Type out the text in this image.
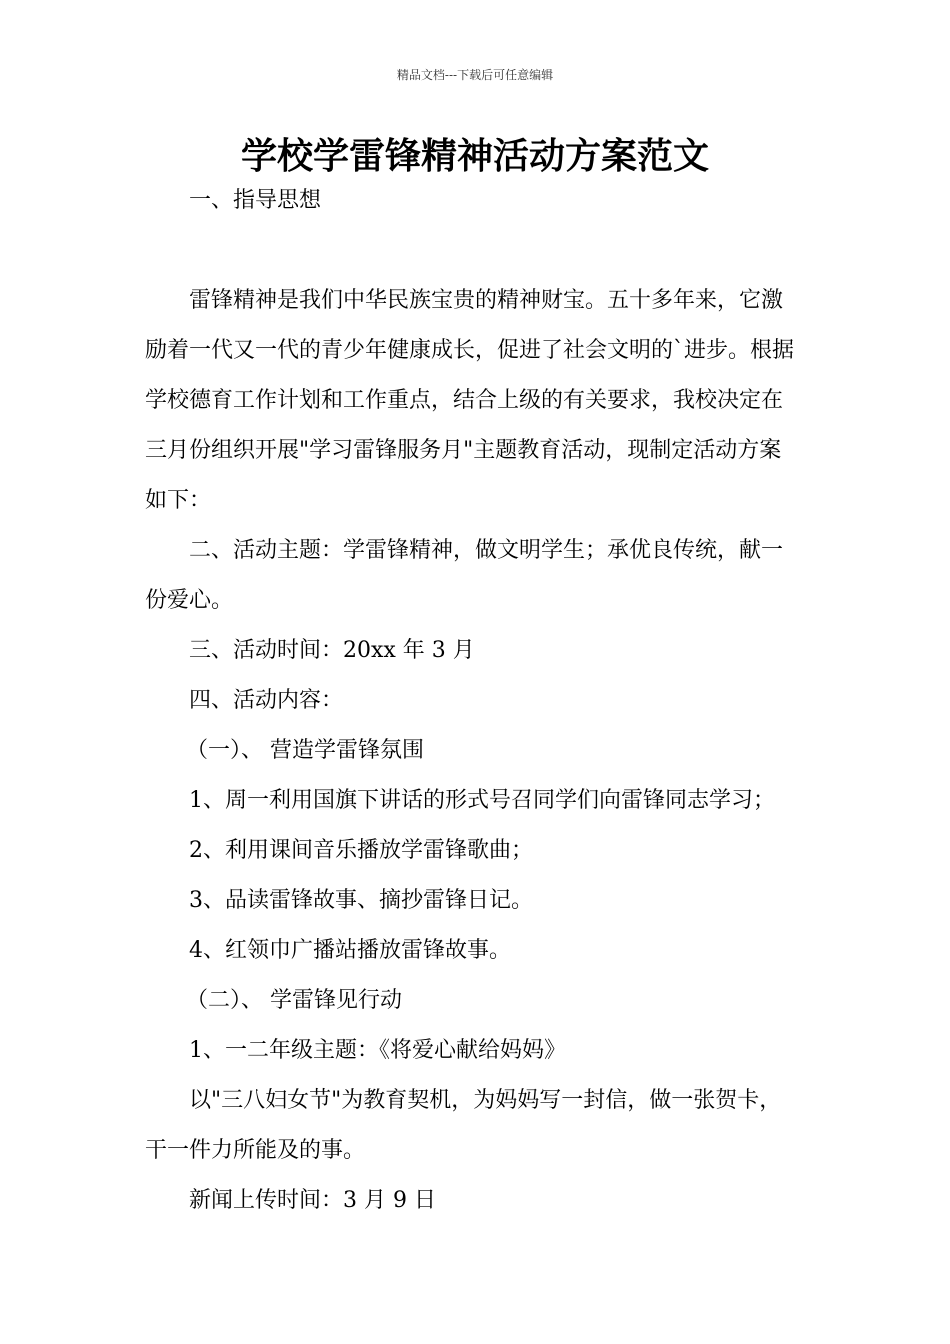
精品文档---下载后可任意编辑
学校学雷锋精神活动方案范文
一、指导思想
雷锋精神是我们中华民族宝贵的精神财宝。五十多年来，它激
励着一代又一代的青少年健康成长，促进了社会文明的`进步。根据
学校德育工作计划和工作重点，结合上级的有关要求，我校决定在
三月份组织开展"学习雷锋服务月"主题教育活动，现制定活动方案
如下：
二、活动主题：学雷锋精神，做文明学生；承优良传统，献一
份爱心。
三、活动时间：20xx 年 3 月
四、活动内容：
（一）、 营造学雷锋氛围
1、周一利用国旗下讲话的形式号召同学们向雷锋同志学习；
2、利用课间音乐播放学雷锋歌曲；
3、品读雷锋故事、摘抄雷锋日记。
4、红领巾广播站播放雷锋故事。
（二）、 学雷锋见行动
1、一二年级主题：《将爱心献给妈妈》
以"三八妇女节"为教育契机，为妈妈写一封信，做一张贺卡，
干一件力所能及的事。
新闻上传时间：3 月 9 日
